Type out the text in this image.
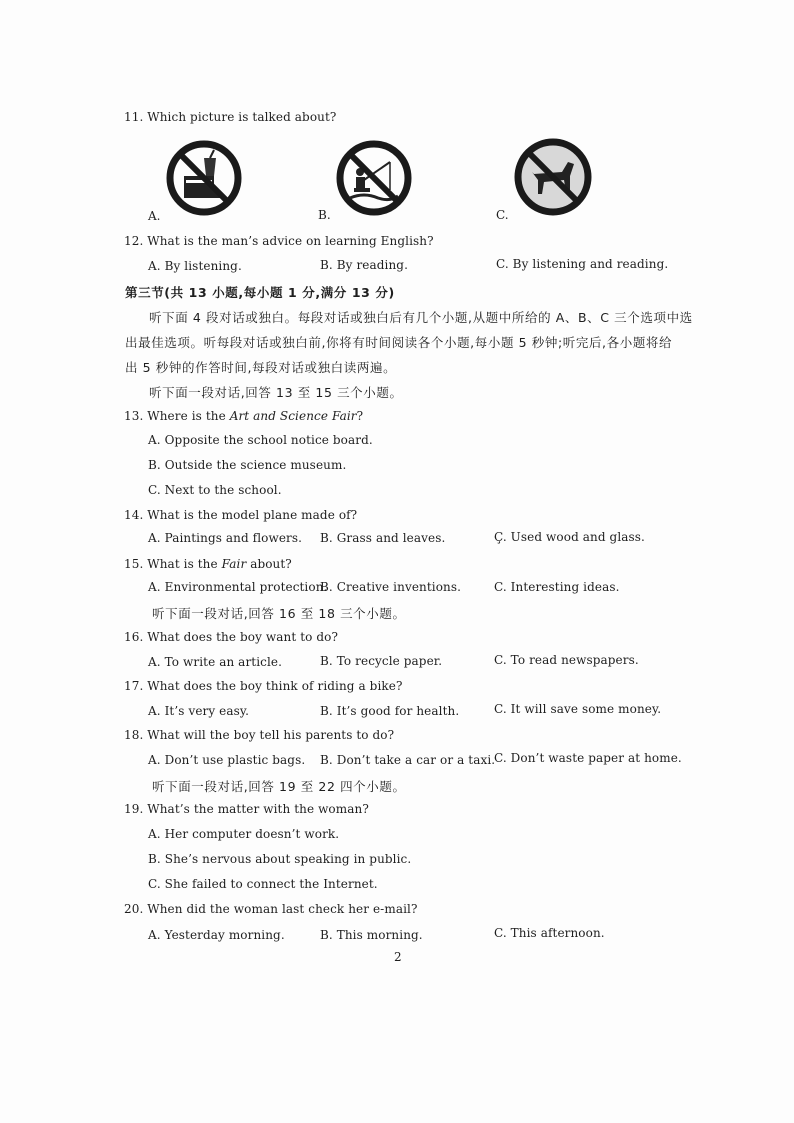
11. Which picture is talked about?
A.	B.	C.
12. What is the man’s advice on learning English?
A. By listening.	B. By reading.	C. By listening and reading.
第三节(共 13 小题,每小题 1 分,满分 13 分)
听下面 4 段对话或独白。每段对话或独白后有几个小题,从题中所给的 A、B、C 三个选项中选
出最佳选项。听每段对话或独白前,你将有时间阅读各个小题,每小题 5 秒钟;听完后,各小题将给
出 5 秒钟的作答时间,每段对话或独白读两遍。
听下面一段对话,回答 13 至 15 三个小题。
13. Where is the Art and Science Fair?
A. Opposite the school notice board.
B. Outside the science museum.
C. Next to the school.
14. What is the model plane made of?
A. Paintings and flowers. B. Grass and leaves.	Ç. Used wood and glass.
15. What is the Fair about?
A. Environmental protection.
B. Creative inventions.	C. Interesting ideas.
听下面一段对话,回答 16 至 18 三个小题。
16. What does the boy want to do?
A. To write an article.	B. To recycle paper.	C. To read newspapers.
17. What does the boy think of riding a bike?
A. It’s very easy.	B. It’s good for health.	C. It will save some money.
18. What will the boy tell his parents to do?
A. Don’t use plastic bags. B. Don’t take a car or a taxi.
C. Don’t waste paper at home.
听下面一段对话,回答 19 至 22 四个小题。
19. What’s the matter with the woman?
A. Her computer doesn’t work.
B. She’s nervous about speaking in public.
C. She failed to connect the Internet.
20. When did the woman last check her e-mail?
A. Yesterday morning.	B. This morning.	C. This afternoon.
2
